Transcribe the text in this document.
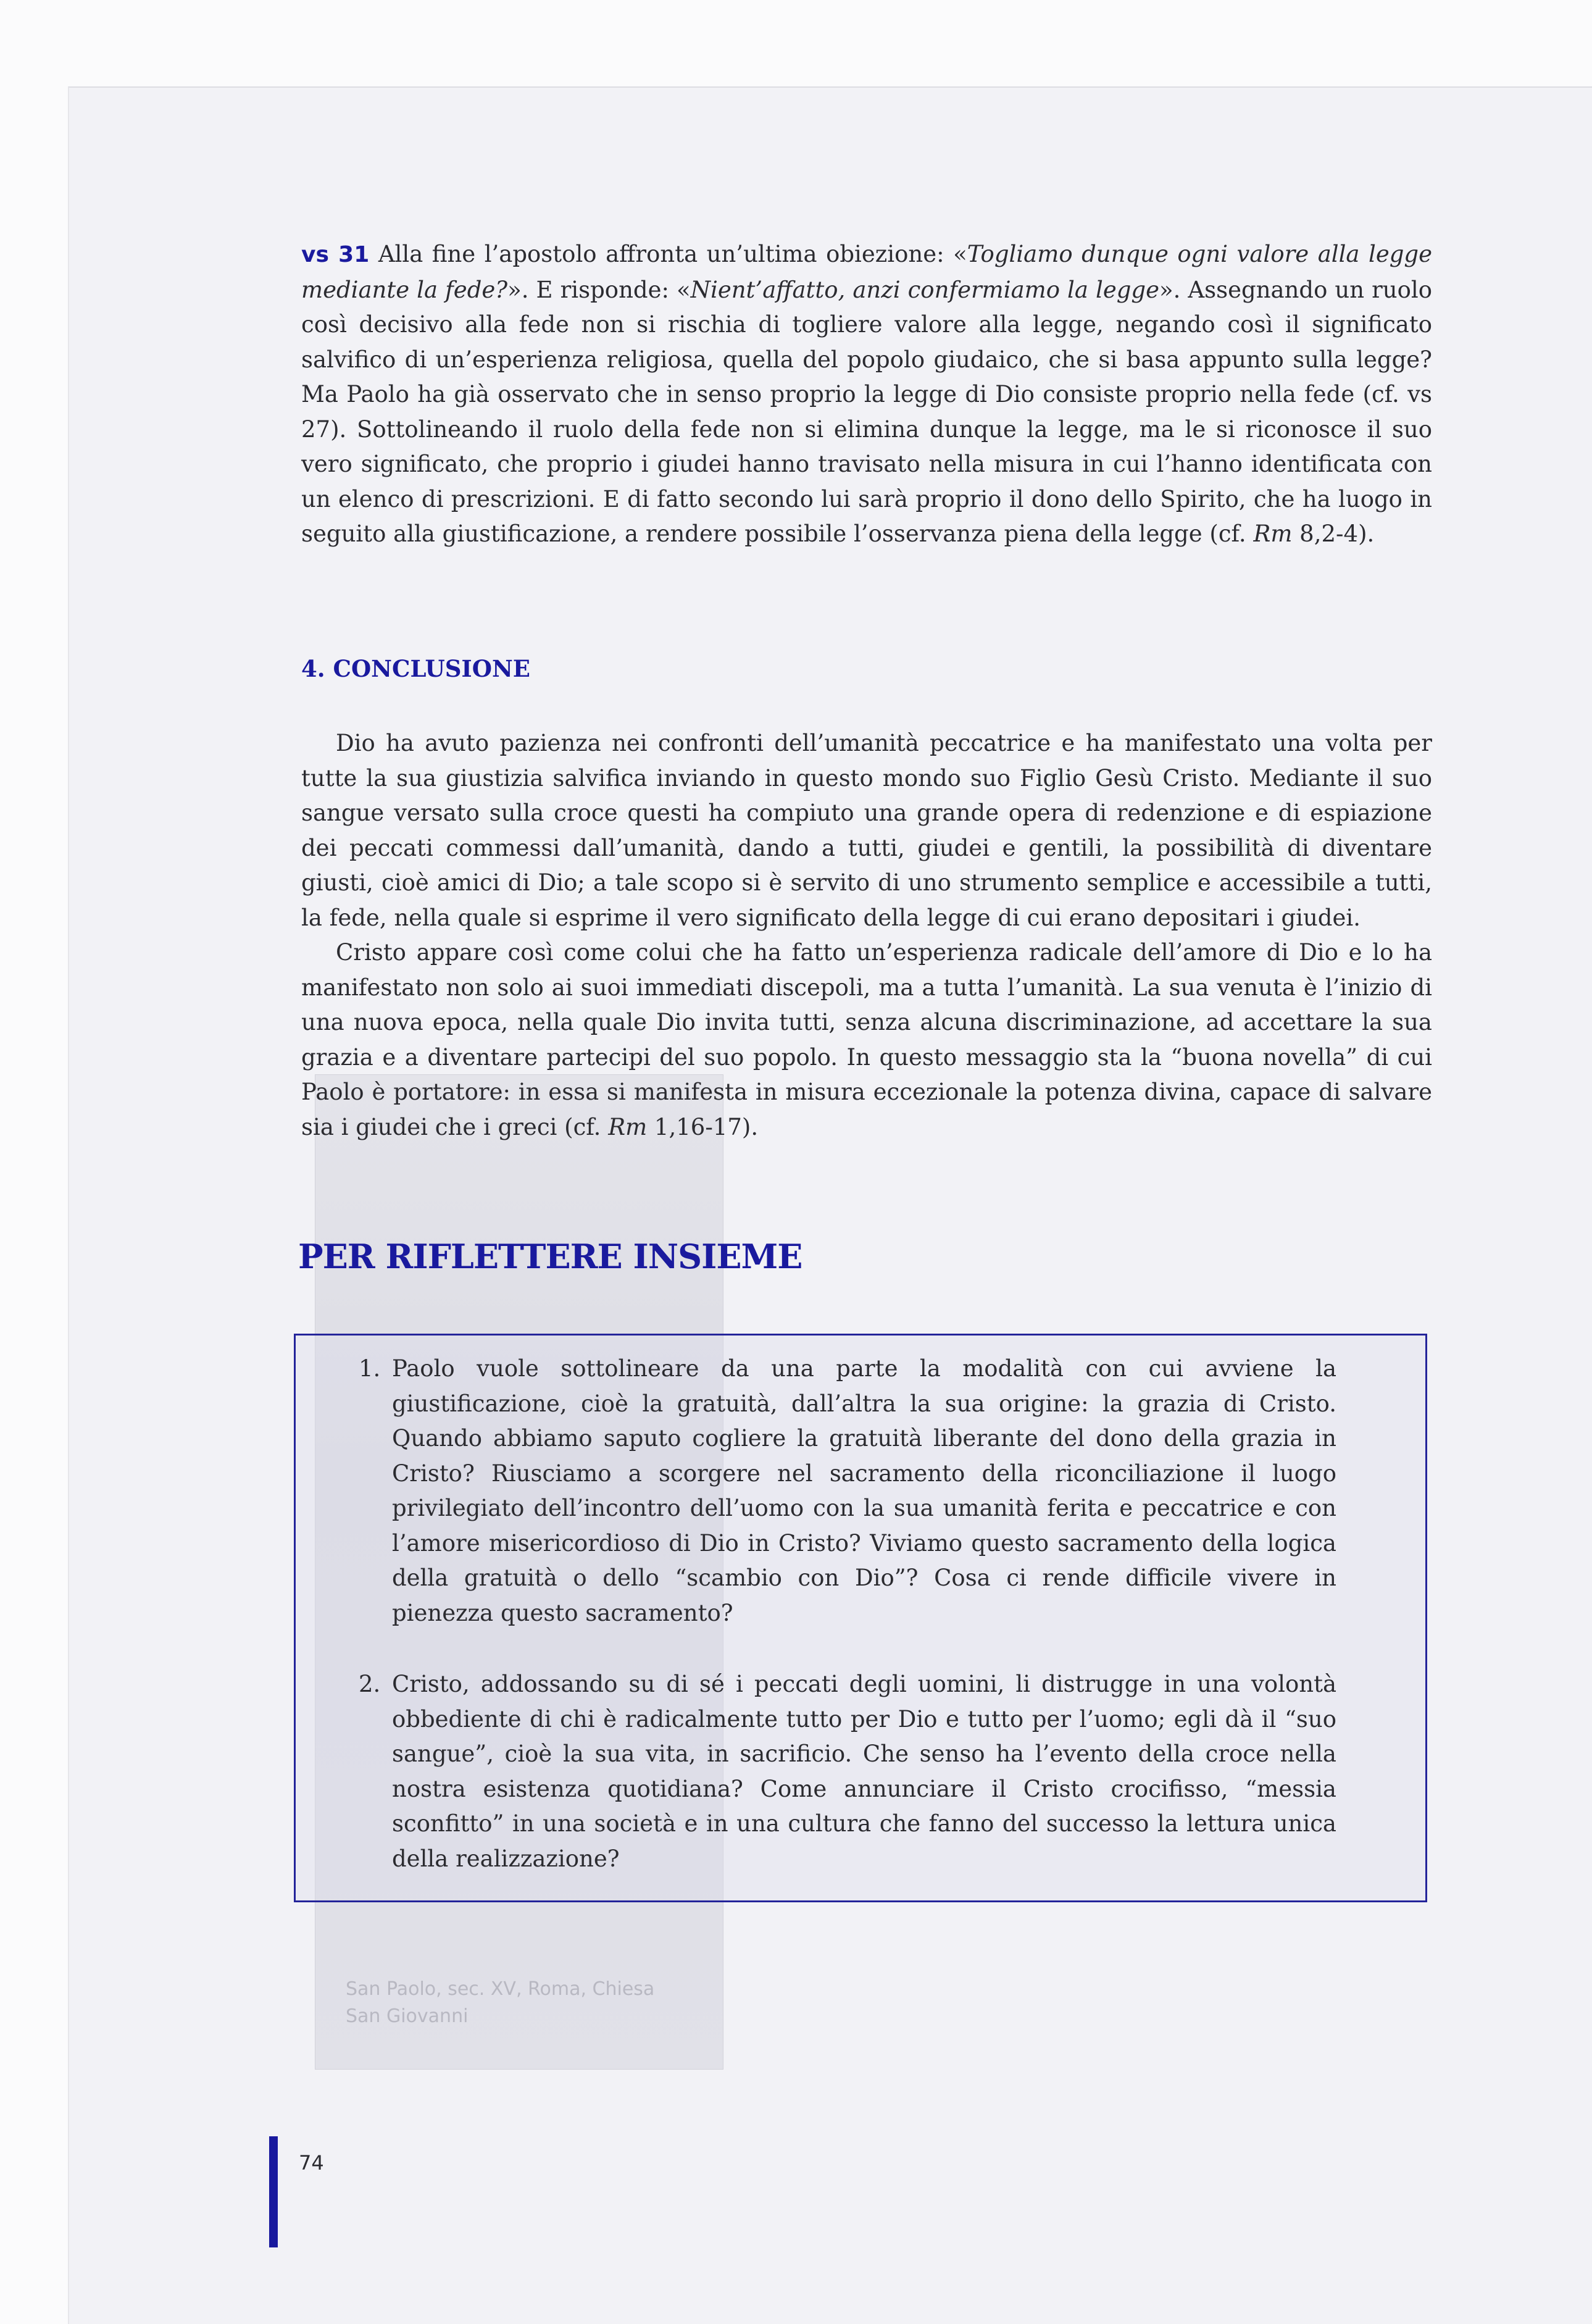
San Paolo, sec. XV, Roma, Chiesa San Giovanni

vs 31 Alla fine l’apostolo affronta un’ultima obiezione: «Togliamo dunque ogni valore alla legge mediante la fede?». E risponde: «Nient’affatto, anzi confermiamo la legge». Assegnando un ruolo così decisivo alla fede non si rischia di togliere valore alla legge, negando così il significato salvifico di un’esperienza religiosa, quella del popolo giudaico, che si basa appunto sulla legge? Ma Paolo ha già osservato che in senso proprio la legge di Dio consiste proprio nella fede (cf. vs 27). Sottolineando il ruolo della fede non si elimina dunque la legge, ma le si riconosce il suo vero significato, che proprio i giudei hanno travisato nella misura in cui l’hanno identificata con un elenco di prescrizioni. E di fatto secondo lui sarà proprio il dono dello Spirito, che ha luogo in seguito alla giustificazione, a rendere possibile l’osservanza piena della legge (cf. Rm 8,2-4).

4. CONCLUSIONE

Dio ha avuto pazienza nei confronti dell’umanità peccatrice e ha manifestato una volta per tutte la sua giustizia salvifica inviando in questo mondo suo Figlio Gesù Cristo. Mediante il suo sangue versato sulla croce questi ha compiuto una grande opera di redenzione e di espiazione dei peccati commessi dall’umanità, dando a tutti, giudei e gentili, la possibilità di diventare giusti, cioè amici di Dio; a tale scopo si è servito di uno strumento semplice e accessibile a tutti, la fede, nella quale si esprime il vero significato della legge di cui erano depositari i giudei.

Cristo appare così come colui che ha fatto un’esperienza radicale dell’amore di Dio e lo ha manifestato non solo ai suoi immediati discepoli, ma a tutta l’umanità. La sua venuta è l’inizio di una nuova epoca, nella quale Dio invita tutti, senza alcuna discriminazione, ad accettare la sua grazia e a diventare partecipi del suo popolo. In questo messaggio sta la “buona novella” di cui Paolo è portatore: in essa si manifesta in misura eccezionale la potenza divina, capace di salvare sia i giudei che i greci (cf. Rm 1,16-17).

PER RIFLETTERE INSIEME
1. Paolo vuole sottolineare da una parte la modalità con cui avviene la giustificazione, cioè la gratuità, dall’altra la sua origine: la grazia di Cristo. Quando abbiamo saputo cogliere la gratuità liberante del dono della grazia in Cristo? Riusciamo a scorgere nel sacramento della riconciliazione il luogo privilegiato dell’incontro dell’uomo con la sua umanità ferita e peccatrice e con l’amore misericordioso di Dio in Cristo? Viviamo questo sacramento della logica della gratuità o dello “scambio con Dio”? Cosa ci rende difficile vivere in pienezza questo sacramento?
2. Cristo, addossando su di sé i peccati degli uomini, li distrugge in una volontà obbediente di chi è radicalmente tutto per Dio e tutto per l’uomo; egli dà il “suo sangue”, cioè la sua vita, in sacrificio. Che senso ha l’evento della croce nella nostra esistenza quotidiana? Come annunciare il Cristo crocifisso, “messia sconfitto” in una società e in una cultura che fanno del successo la lettura unica della realizzazione?
74
